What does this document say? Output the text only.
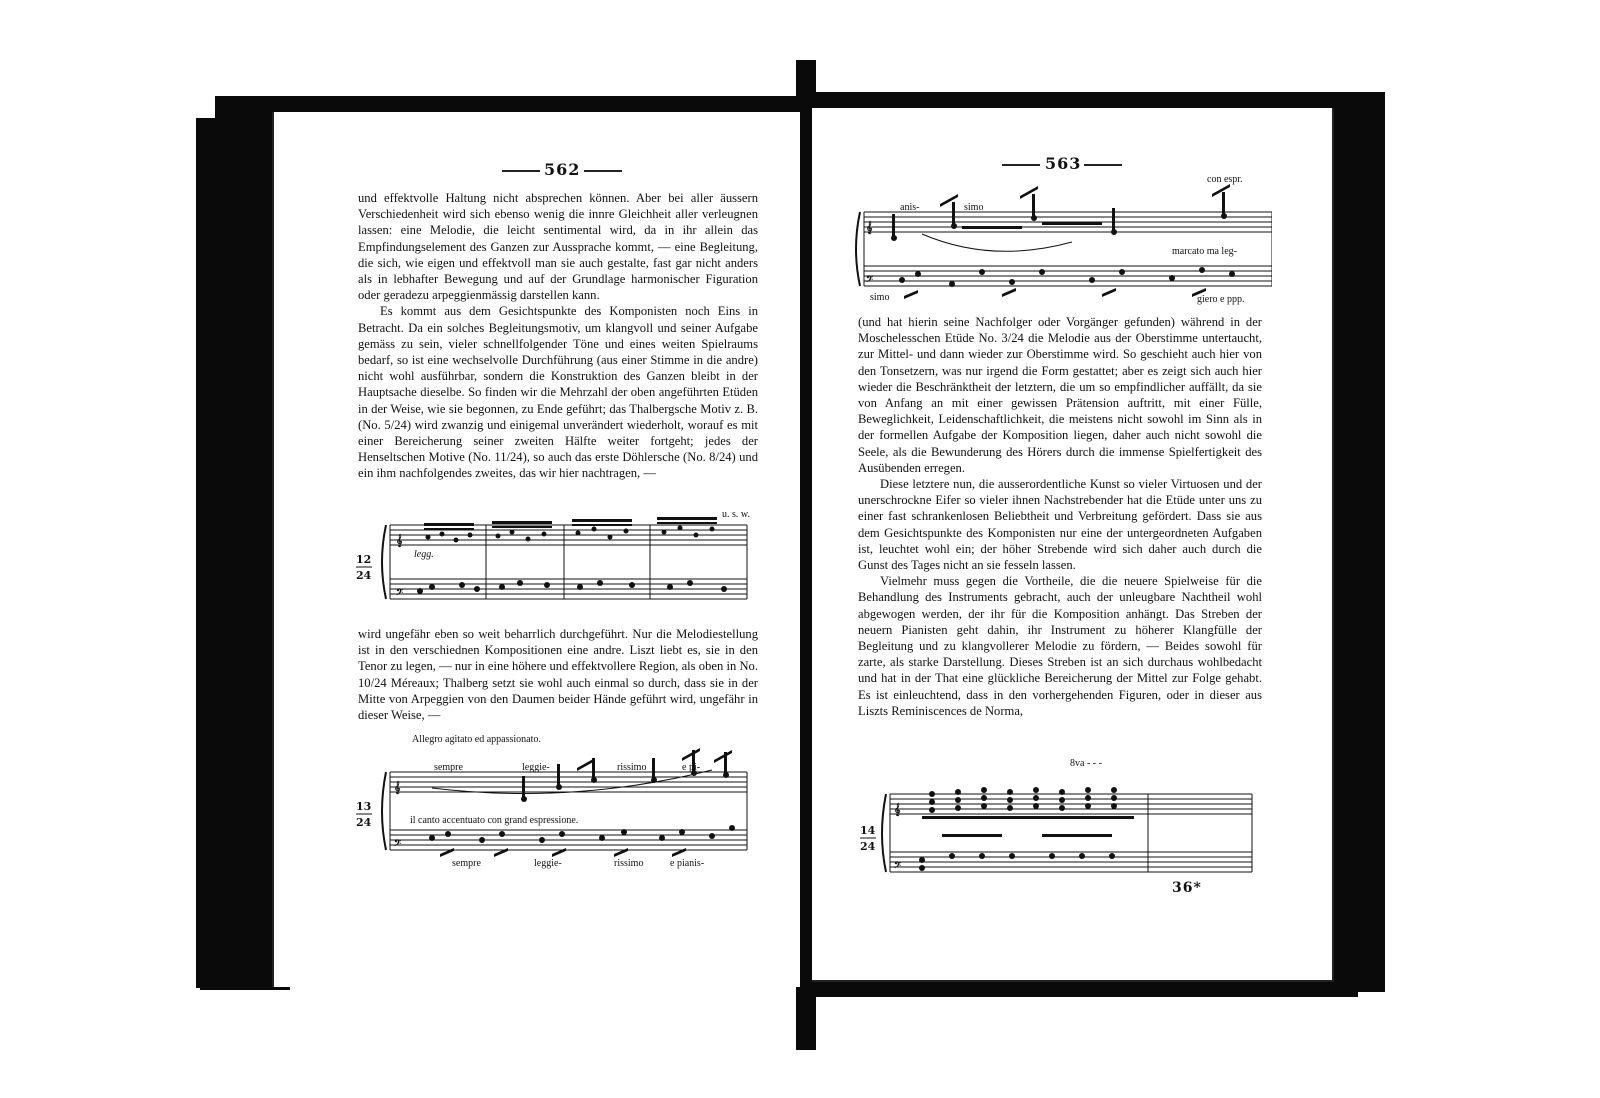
562

und effektvolle Haltung nicht absprechen können. Aber bei aller äussern Verschiedenheit wird sich ebenso wenig die innre Gleichheit aller verleugnen lassen: eine Melodie, die leicht sentimental wird, da in ihr allein das Empfindungselement des Ganzen zur Aussprache kommt, — eine Begleitung, die sich, wie eigen und effektvoll man sie auch gestalte, fast gar nicht anders als in lebhafter Bewegung und auf der Grundlage harmonischer Figuration oder geradezu arpeggienmässig darstellen kann.

Es kommt aus dem Gesichtspunkte des Komponisten noch Eins in Betracht. Da ein solches Begleitungsmotiv, um klangvoll und seiner Aufgabe gemäss zu sein, vieler schnellfolgender Töne und eines weiten Spielraums bedarf, so ist eine wechselvolle Durchführung (aus einer Stimme in die andre) nicht wohl ausführbar, sondern die Konstruktion des Ganzen bleibt in der Hauptsache dieselbe. So finden wir die Mehrzahl der oben angeführten Etüden in der Weise, wie sie begonnen, zu Ende geführt; das Thalbergsche Motiv z. B. (No. 5/24) wird zwanzig und einigemal unverändert wiederholt, worauf es mit einer Bereicherung seiner zweiten Hälfte weiter fortgeht; jedes der Henseltschen Motive (No. 11/24), so auch das erste Döhlersche (No. 8/24) und ein ihm nachfolgendes zweites, das wir hier nachtragen, —

𝄞
𝄢
12
24
legg.
u. s. w.

wird ungefähr eben so weit beharrlich durchgeführt. Nur die Melodiestellung ist in den verschiednen Kompositionen eine andre. Liszt liebt es, sie in den Tenor zu legen, — nur in eine höhere und effektvollere Region, als oben in No. 10/24 Méreaux; Thalberg setzt sie wohl auch einmal so durch, dass sie in der Mitte von Arpeggien von den Daumen beider Hände geführt wird, ungefähr in dieser Weise, —

Allegro agitato ed appassionato.
𝄞
𝄢
13
24
sempre	leggie-	rissimo	e pi-
il canto accentuato con grand espressione.
sempre	leggie-	rissimo	e pianis-
563
con espr.
𝄞
𝄢
anis-	simo
marcato ma leg-
simo	giero e ppp.

(und hat hierin seine Nachfolger oder Vorgänger gefunden) während in der Moschelesschen Etüde No. 3/24 die Melodie aus der Oberstimme untertaucht, zur Mittel- und dann wieder zur Oberstimme wird. So geschieht auch hier von den Tonsetzern, was nur irgend die Form gestattet; aber es zeigt sich auch hier wieder die Beschränktheit der letztern, die um so empfindlicher auffällt, da sie von Anfang an mit einer gewissen Prätension auftritt, mit einer Fülle, Beweglichkeit, Leidenschaftlichkeit, die meistens nicht sowohl im Sinn als in der formellen Aufgabe der Komposition liegen, daher auch nicht sowohl die Seele, als die Bewunderung des Hörers durch die immense Spielfertigkeit des Ausübenden erregen.

Diese letztere nun, die ausserordentliche Kunst so vieler Virtuosen und der unerschrockne Eifer so vieler ihnen Nachstrebender hat die Etüde unter uns zu einer fast schrankenlosen Beliebtheit und Verbreitung gefördert. Dass sie aus dem Gesichtspunkte des Komponisten nur eine der untergeordneten Aufgaben ist, leuchtet wohl ein; der höher Strebende wird sich daher auch durch die Gunst des Tages nicht an sie fesseln lassen.

Vielmehr muss gegen die Vortheile, die die neuere Spielweise für die Behandlung des Instruments gebracht, auch der unleugbare Nachtheil wohl abgewogen werden, der ihr für die Komposition anhängt. Das Streben der neuern Pianisten geht dahin, ihr Instrument zu höherer Klangfülle der Begleitung und zu klangvollerer Melodie zu fördern, — Beides sowohl für zarte, als starke Darstellung. Dieses Streben ist an sich durchaus wohlbedacht und hat in der That eine glückliche Bereicherung der Mittel zur Folge gehabt. Es ist einleuchtend, dass in den vorhergehenden Figuren, oder in dieser aus Liszts Reminiscences de Norma,

8va - - -
𝄞
𝄢
14
24
36*
